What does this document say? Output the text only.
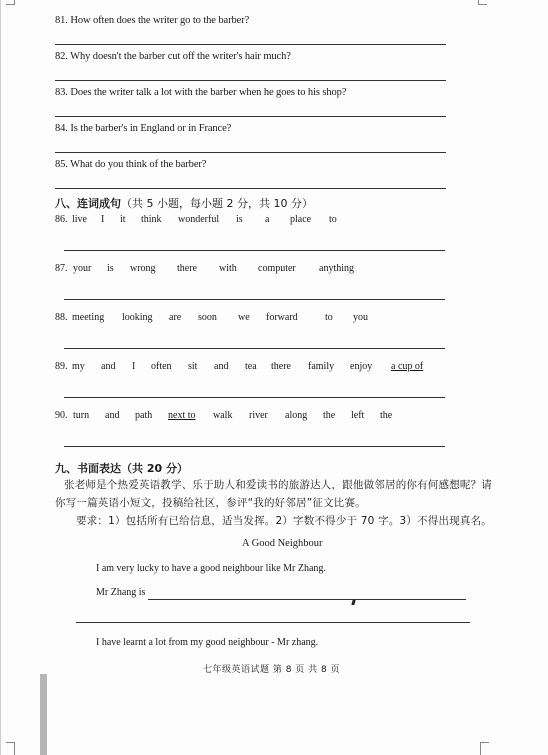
81. How often does the writer go to the barber?
82. Why doesn't the barber cut off the writer's hair much?
83. Does the writer talk a lot with the barber when he goes to his shop?
84. Is the barber's in England or in France?
85. What do you think of the barber?
八、连词成句（共 5 小题，每小题 2 分，共 10 分）
86. live I it think wonderful is a place to
87. your is wrong there with computer anything
88. meeting looking are soon we forward	to you
89. my and I often sit and tea there family enjoy a cup of
90. turn and path next to walk river along the left the
九、书面表达（共 20 分）
张老师是个热爱英语教学、乐于助人和爱读书的旅游达人，跟他做邻居的你有何感想呢？请
你写一篇英语小短文，投稿给社区，参评“我的好邻居”征文比赛。
要求：1）包括所有已给信息，适当发挥。2）字数不得少于 70 字。3）不得出现真名。
A Good Neighbour
I am very lucky to have a good neighbour like Mr Zhang.
Mr Zhang is
I have learnt a lot from my good neighbour - Mr zhang.
七年级英语试题 第 8 页 共 8 页
